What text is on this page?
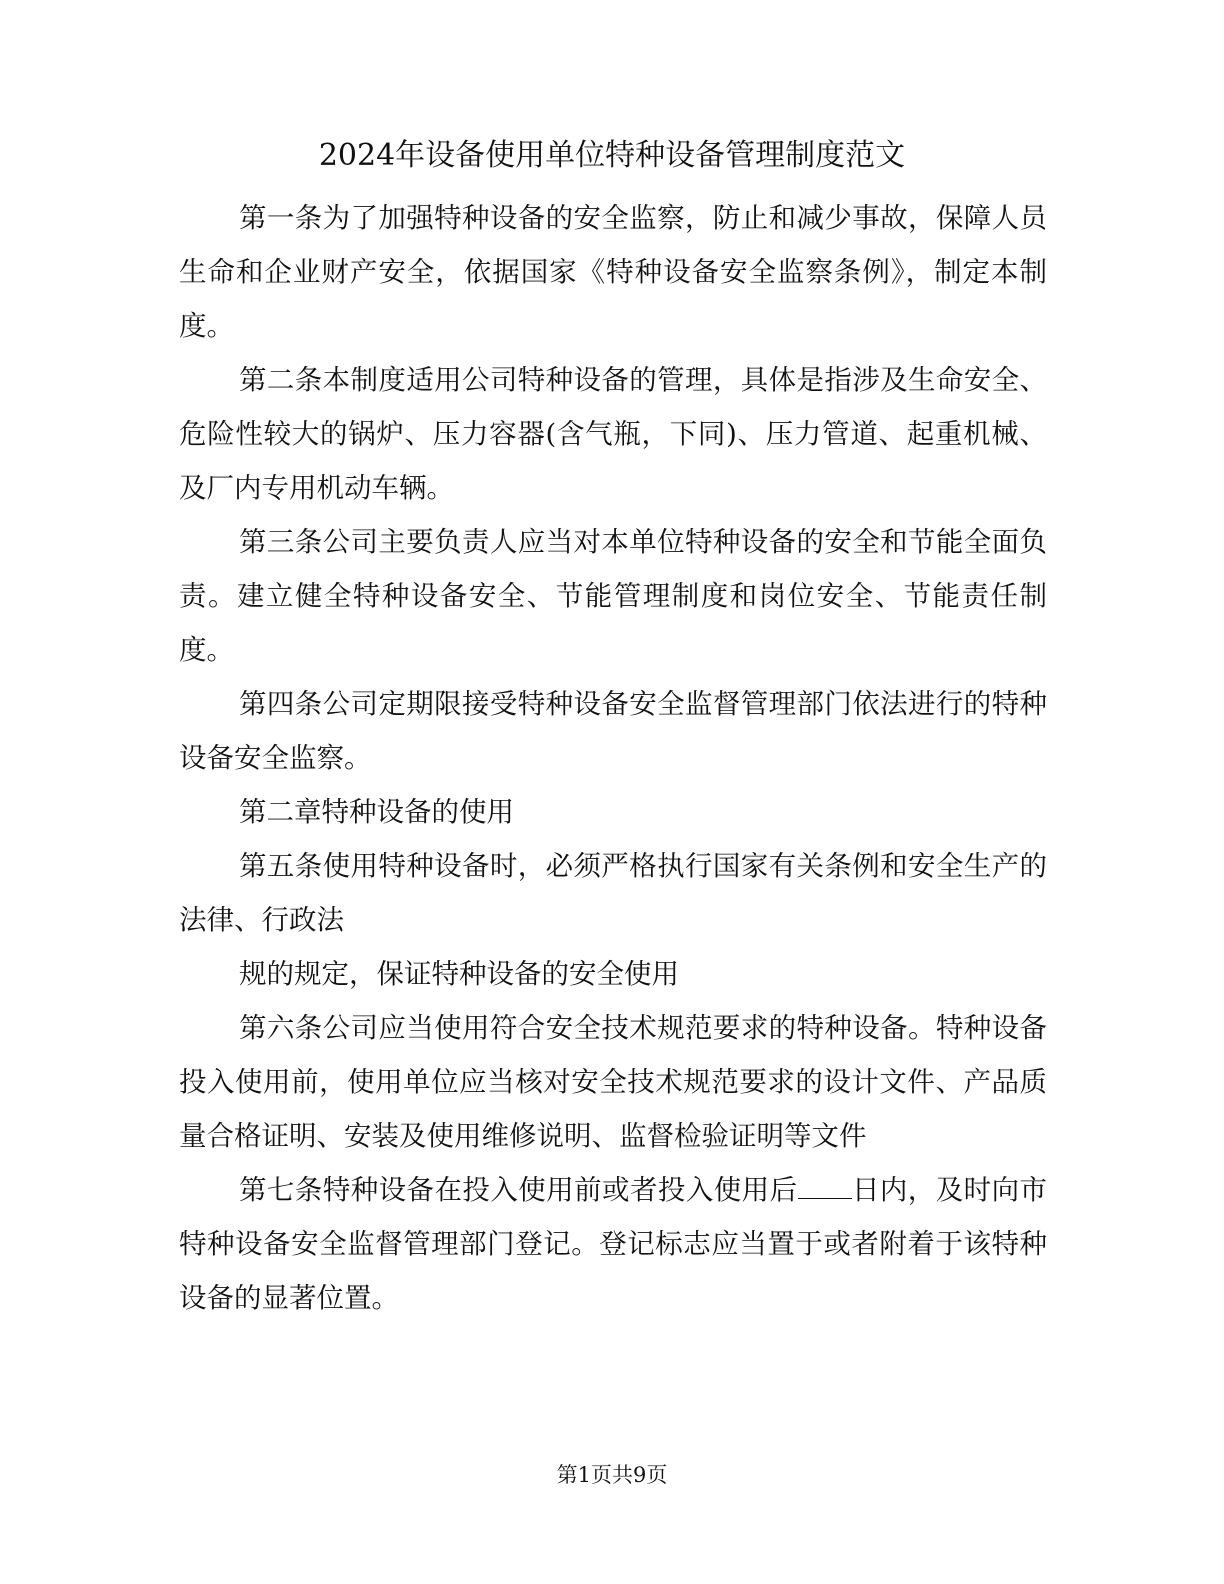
2024年设备使用单位特种设备管理制度范文

第一条为了加强特种设备的安全监察，防止和减少事故，保障人员生命和企业财产安全，依据国家《特种设备安全监察条例》，制定本制度。

第二条本制度适用公司特种设备的管理，具体是指涉及生命安全、危险性较大的锅炉、压力容器(含气瓶，下同)、压力管道、起重机械、及厂内专用机动车辆。

第三条公司主要负责人应当对本单位特种设备的安全和节能全面负责。建立健全特种设备安全、节能管理制度和岗位安全、节能责任制度。

第四条公司定期限接受特种设备安全监督管理部门依法进行的特种设备安全监察。

第二章特种设备的使用

第五条使用特种设备时，必须严格执行国家有关条例和安全生产的法律、行政法

规的规定，保证特种设备的安全使用

第六条公司应当使用符合安全技术规范要求的特种设备。特种设备投入使用前，使用单位应当核对安全技术规范要求的设计文件、产品质量合格证明、安装及使用维修说明、监督检验证明等文件

第七条特种设备在投入使用前或者投入使用后 日内，及时向市特种设备安全监督管理部门登记。登记标志应当置于或者附着于该特种设备的显著位置。

第1页共9页
